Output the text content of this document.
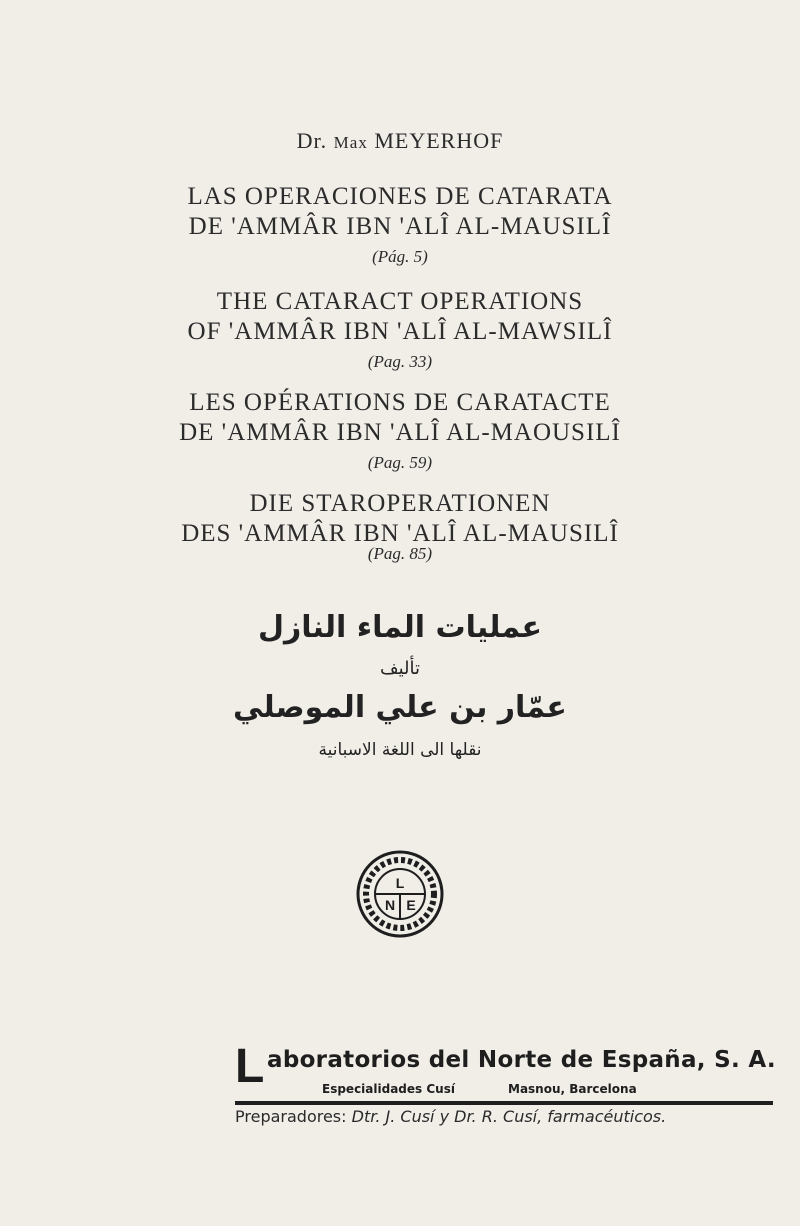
Dr. Max MEYERHOF
LAS OPERACIONES DE CATARATA
DE 'AMMÂR IBN 'ALÎ AL-MAUSILÎ
(Pág. 5)
THE CATARACT OPERATIONS
OF 'AMMÂR IBN 'ALÎ AL-MAWSILÎ
(Pag. 33)
LES OPÉRATIONS DE CARATACTE
DE 'AMMÂR IBN 'ALÎ AL-MAOUSILÎ
(Pag. 59)
DIE STAROPERATIONEN
DES 'AMMÂR IBN 'ALÎ AL-MAUSILÎ
(Pag. 85)
عمليات الماء النازل
تأليف
عمّار بن علي الموصلي
نقلها الى اللغة الاسبانية
L
N E
L aboratorios del Norte de España, S. A.
Especialidades Cusí	Masnou, Barcelona
Preparadores: Dtr. J. Cusí y Dr. R. Cusí, farmacéuticos.
